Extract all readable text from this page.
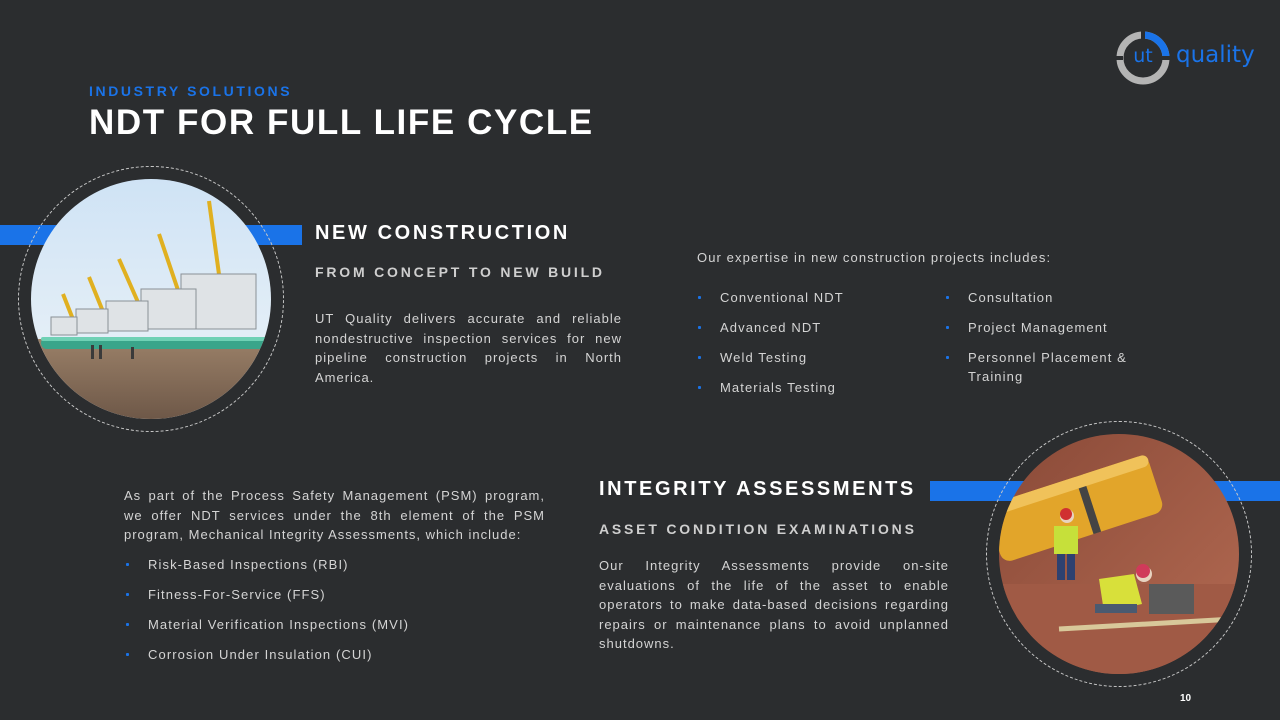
ut quality
INDUSTRY SOLUTIONS
NDT FOR FULL LIFE CYCLE
NEW CONSTRUCTION
FROM CONCEPT TO NEW BUILD
UT Quality delivers accurate and reliable nondestructive inspection services for new pipeline construction projects in North America.
Our expertise in new construction projects includes:
Conventional NDT
Advanced NDT
Weld Testing
Materials Testing
Consultation
Project Management
Personnel Placement & Training
As part of the Process Safety Management (PSM) program, we offer NDT services under the 8th element of the PSM program, Mechanical Integrity Assessments, which include:
Risk-Based Inspections (RBI)
Fitness-For-Service (FFS)
Material Verification Inspections (MVI)
Corrosion Under Insulation (CUI)
INTEGRITY ASSESSMENTS
ASSET CONDITION EXAMINATIONS
Our Integrity Assessments provide on-site evaluations of the life of the asset to enable operators to make data-based decisions regarding repairs or maintenance plans to avoid unplanned shutdowns.
10
